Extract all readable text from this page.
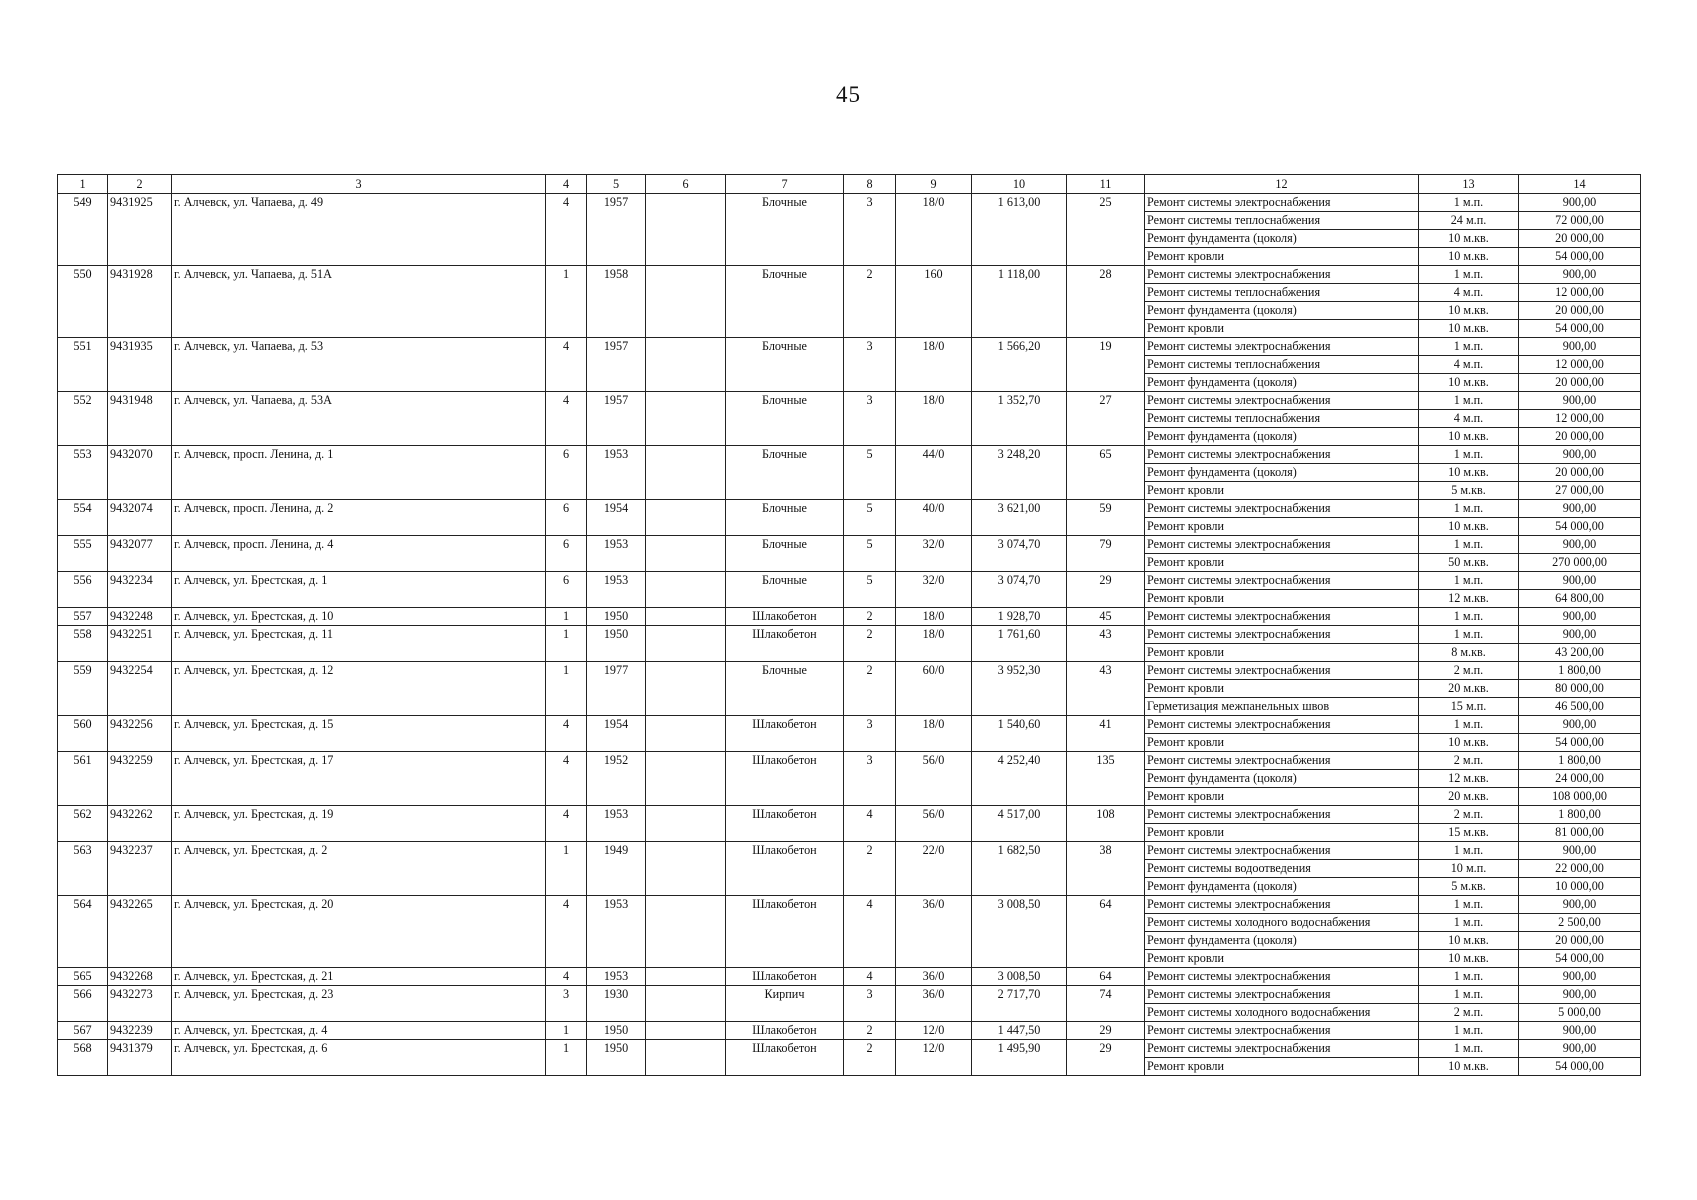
45
1	2	3	4	5	6	7	8	9	10	11	12	13	14
549	9431925	г. Алчевск, ул. Чапаева, д. 49	4	1957		Блочные	3	18/0	1 613,00	25	Ремонт системы электроснабжения	1 м.п.	900,00
											Ремонт системы теплоснабжения	24 м.п.	72 000,00
											Ремонт фундамента (цоколя)	10 м.кв.	20 000,00
											Ремонт кровли	10 м.кв.	54 000,00
550	9431928	г. Алчевск, ул. Чапаева, д. 51А	1	1958		Блочные	2	160	1 118,00	28	Ремонт системы электроснабжения	1 м.п.	900,00
											Ремонт системы теплоснабжения	4 м.п.	12 000,00
											Ремонт фундамента (цоколя)	10 м.кв.	20 000,00
											Ремонт кровли	10 м.кв.	54 000,00
551	9431935	г. Алчевск, ул. Чапаева, д. 53	4	1957		Блочные	3	18/0	1 566,20	19	Ремонт системы электроснабжения	1 м.п.	900,00
											Ремонт системы теплоснабжения	4 м.п.	12 000,00
											Ремонт фундамента (цоколя)	10 м.кв.	20 000,00
552	9431948	г. Алчевск, ул. Чапаева, д. 53А	4	1957		Блочные	3	18/0	1 352,70	27	Ремонт системы электроснабжения	1 м.п.	900,00
											Ремонт системы теплоснабжения	4 м.п.	12 000,00
											Ремонт фундамента (цоколя)	10 м.кв.	20 000,00
553	9432070	г. Алчевск, просп. Ленина, д. 1	6	1953		Блочные	5	44/0	3 248,20	65	Ремонт системы электроснабжения	1 м.п.	900,00
											Ремонт фундамента (цоколя)	10 м.кв.	20 000,00
											Ремонт кровли	5 м.кв.	27 000,00
554	9432074	г. Алчевск, просп. Ленина, д. 2	6	1954		Блочные	5	40/0	3 621,00	59	Ремонт системы электроснабжения	1 м.п.	900,00
											Ремонт кровли	10 м.кв.	54 000,00
555	9432077	г. Алчевск, просп. Ленина, д. 4	6	1953		Блочные	5	32/0	3 074,70	79	Ремонт системы электроснабжения	1 м.п.	900,00
											Ремонт кровли	50 м.кв.	270 000,00
556	9432234	г. Алчевск, ул. Брестская, д. 1	6	1953		Блочные	5	32/0	3 074,70	29	Ремонт системы электроснабжения	1 м.п.	900,00
											Ремонт кровли	12 м.кв.	64 800,00
557	9432248	г. Алчевск, ул. Брестская, д. 10	1	1950		Шлакобетон	2	18/0	1 928,70	45	Ремонт системы электроснабжения	1 м.п.	900,00
558	9432251	г. Алчевск, ул. Брестская, д. 11	1	1950		Шлакобетон	2	18/0	1 761,60	43	Ремонт системы электроснабжения	1 м.п.	900,00
											Ремонт кровли	8 м.кв.	43 200,00
559	9432254	г. Алчевск, ул. Брестская, д. 12	1	1977		Блочные	2	60/0	3 952,30	43	Ремонт системы электроснабжения	2 м.п.	1 800,00
											Ремонт кровли	20 м.кв.	80 000,00
											Герметизация межпанельных швов	15 м.п.	46 500,00
560	9432256	г. Алчевск, ул. Брестская, д. 15	4	1954		Шлакобетон	3	18/0	1 540,60	41	Ремонт системы электроснабжения	1 м.п.	900,00
											Ремонт кровли	10 м.кв.	54 000,00
561	9432259	г. Алчевск, ул. Брестская, д. 17	4	1952		Шлакобетон	3	56/0	4 252,40	135	Ремонт системы электроснабжения	2 м.п.	1 800,00
											Ремонт фундамента (цоколя)	12 м.кв.	24 000,00
											Ремонт кровли	20 м.кв.	108 000,00
562	9432262	г. Алчевск, ул. Брестская, д. 19	4	1953		Шлакобетон	4	56/0	4 517,00	108	Ремонт системы электроснабжения	2 м.п.	1 800,00
											Ремонт кровли	15 м.кв.	81 000,00
563	9432237	г. Алчевск, ул. Брестская, д. 2	1	1949		Шлакобетон	2	22/0	1 682,50	38	Ремонт системы электроснабжения	1 м.п.	900,00
											Ремонт системы водоотведения	10 м.п.	22 000,00
											Ремонт фундамента (цоколя)	5 м.кв.	10 000,00
564	9432265	г. Алчевск, ул. Брестская, д. 20	4	1953		Шлакобетон	4	36/0	3 008,50	64	Ремонт системы электроснабжения	1 м.п.	900,00
											Ремонт системы холодного водоснабжения	1 м.п.	2 500,00
											Ремонт фундамента (цоколя)	10 м.кв.	20 000,00
											Ремонт кровли	10 м.кв.	54 000,00
565	9432268	г. Алчевск, ул. Брестская, д. 21	4	1953		Шлакобетон	4	36/0	3 008,50	64	Ремонт системы электроснабжения	1 м.п.	900,00
566	9432273	г. Алчевск, ул. Брестская, д. 23	3	1930		Кирпич	3	36/0	2 717,70	74	Ремонт системы электроснабжения	1 м.п.	900,00
											Ремонт системы холодного водоснабжения	2 м.п.	5 000,00
567	9432239	г. Алчевск, ул. Брестская, д. 4	1	1950		Шлакобетон	2	12/0	1 447,50	29	Ремонт системы электроснабжения	1 м.п.	900,00
568	9431379	г. Алчевск, ул. Брестская, д. 6	1	1950		Шлакобетон	2	12/0	1 495,90	29	Ремонт системы электроснабжения	1 м.п.	900,00
											Ремонт кровли	10 м.кв.	54 000,00
